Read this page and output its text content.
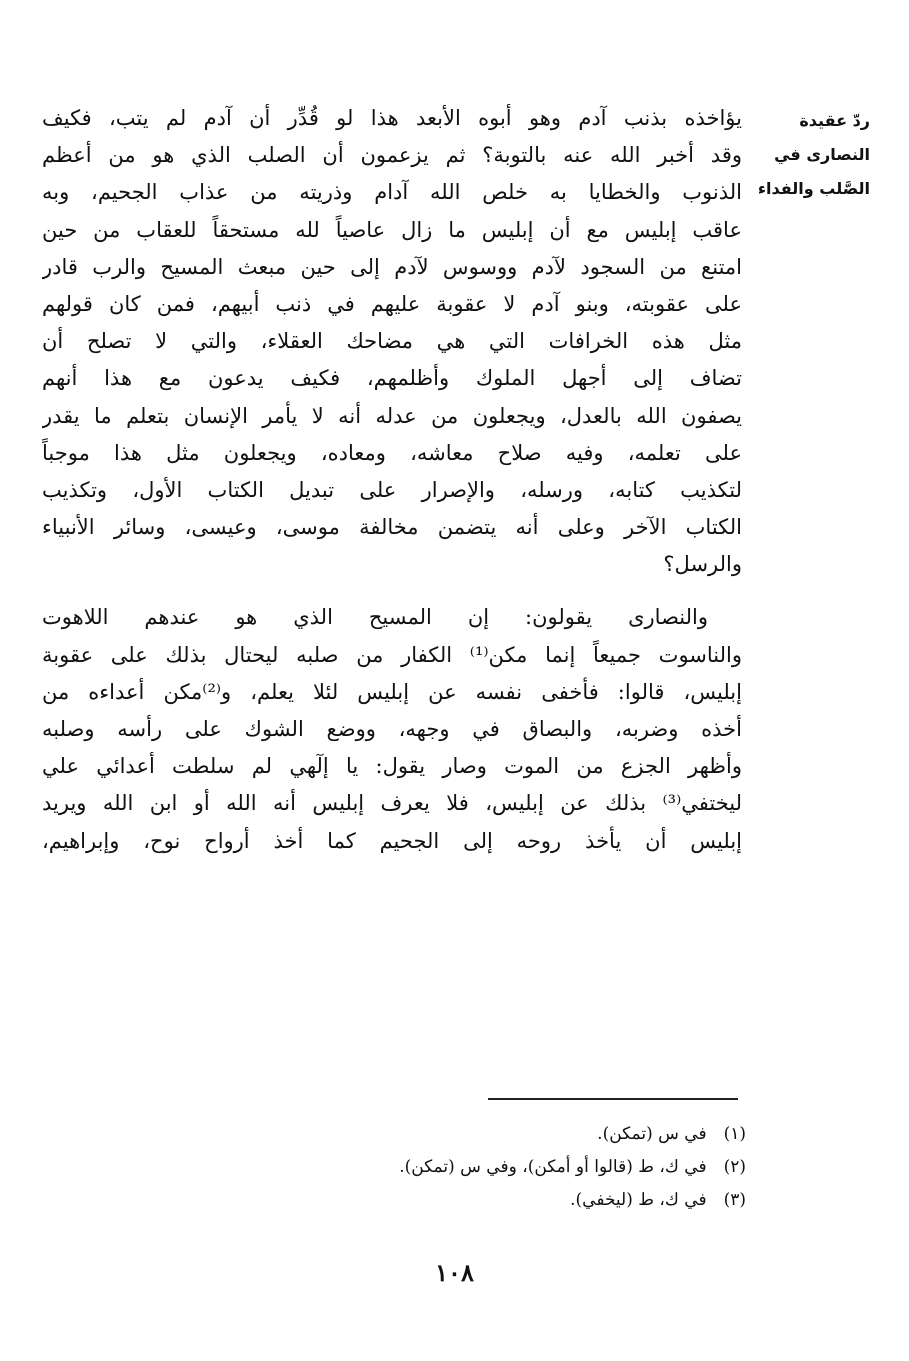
ردّ عقيدة
النصارى في
الصَّلب والفداء
يؤاخذه بذنب آدم وهو أبوه الأبعد هذا لو قُدِّر أن آدم لم يتب، فكيف
وقد أخبر الله عنه بالتوبة؟ ثم يزعمون أن الصلب الذي هو من أعظم
الذنوب والخطايا به خلص الله آدام وذريته من عذاب الجحيم، وبه
عاقب إبليس مع أن إبليس ما زال عاصياً لله مستحقاً للعقاب من حين
امتنع من السجود لآدم ووسوس لآدم إلى حين مبعث المسيح والرب قادر
على عقوبته، وبنو آدم لا عقوبة عليهم في ذنب أبيهم، فمن كان قولهم
مثل هذه الخرافات التي هي مضاحك العقلاء، والتي لا تصلح أن
تضاف إلى أجهل الملوك وأظلمهم، فكيف يدعون مع هذا أنهم
يصفون الله بالعدل، ويجعلون من عدله أنه لا يأمر الإنسان بتعلم ما يقدر
على تعلمه، وفيه صلاح معاشه، ومعاده، ويجعلون مثل هذا موجباً
لتكذيب كتابه، ورسله، والإصرار على تبديل الكتاب الأول، وتكذيب
الكتاب الآخر وعلى أنه يتضمن مخالفة موسى، وعيسى، وسائر الأنبياء
والرسل؟
والنصارى يقولون: إن المسيح الذي هو عندهم اللاهوت
والناسوت جميعاً إنما مكن⁽¹⁾ الكفار من صلبه ليحتال بذلك على عقوبة
إبليس، قالوا: فأخفى نفسه عن إبليس لئلا يعلم، و⁽²⁾مكن أعداءه من
أخذه وضربه، والبصاق في وجهه، ووضع الشوك على رأسه وصلبه
وأظهر الجزع من الموت وصار يقول: يا إلٓهي لم سلطت أعدائي علي
ليختفي⁽³⁾ بذلك عن إبليس، فلا يعرف إبليس أنه الله أو ابن الله ويريد
إبليس أن يأخذ روحه إلى الجحيم كما أخذ أرواح نوح، وإبراهيم،
(١) في س (تمكن).
(٢) في ك، ط (قالوا أو أمكن)، وفي س (تمكن).
(٣) في ك، ط (ليخفي).
١٠٨
